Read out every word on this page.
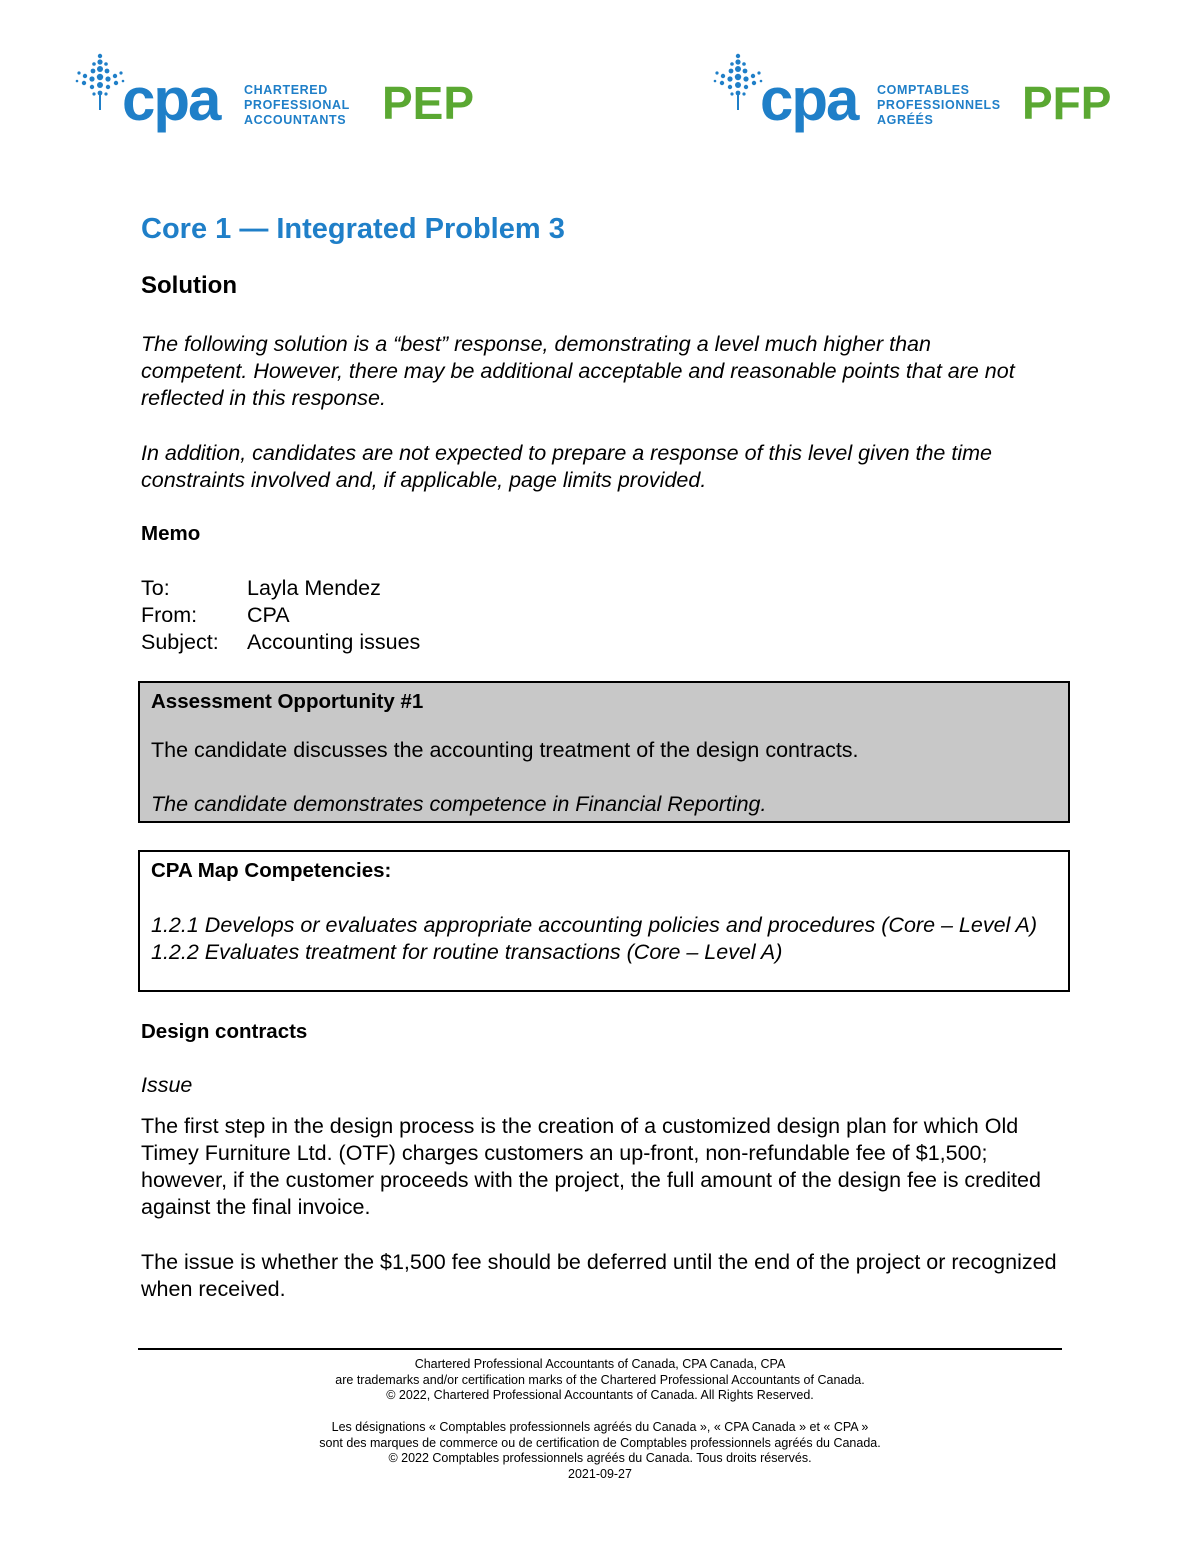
cpa CHARTERED
PROFESSIONAL
ACCOUNTANTS PEP	cpa COMPTABLES
PROFESSIONNELS
AGRÉÉS	PFP
Core 1 — Integrated Problem 3
Solution
The following solution is a “best” response, demonstrating a level much higher than competent. However, there may be additional acceptable and reasonable points that are not reflected in this response.
In addition, candidates are not expected to prepare a response of this level given the time constraints involved and, if applicable, page limits provided.
Memo
To:	Layla Mendez
From: CPA
Subject: Accounting issues
Assessment Opportunity #1
The candidate discusses the accounting treatment of the design contracts.
The candidate demonstrates competence in Financial Reporting.
CPA Map Competencies:
1.2.1 Develops or evaluates appropriate accounting policies and procedures (Core – Level A)
1.2.2 Evaluates treatment for routine transactions (Core – Level A)
Design contracts
Issue
The first step in the design process is the creation of a customized design plan for which Old Timey Furniture Ltd. (OTF) charges customers an up-front, non-refundable fee of $1,500; however, if the customer proceeds with the project, the full amount of the design fee is credited against the final invoice.
The issue is whether the $1,500 fee should be deferred until the end of the project or recognized when received.
Chartered Professional Accountants of Canada, CPA Canada, CPA
are trademarks and/or certification marks of the Chartered Professional Accountants of Canada.
© 2022, Chartered Professional Accountants of Canada. All Rights Reserved.
Les désignations « Comptables professionnels agréés du Canada », « CPA Canada » et « CPA »
sont des marques de commerce ou de certification de Comptables professionnels agréés du Canada.
© 2022 Comptables professionnels agréés du Canada. Tous droits réservés.
2021-09-27
